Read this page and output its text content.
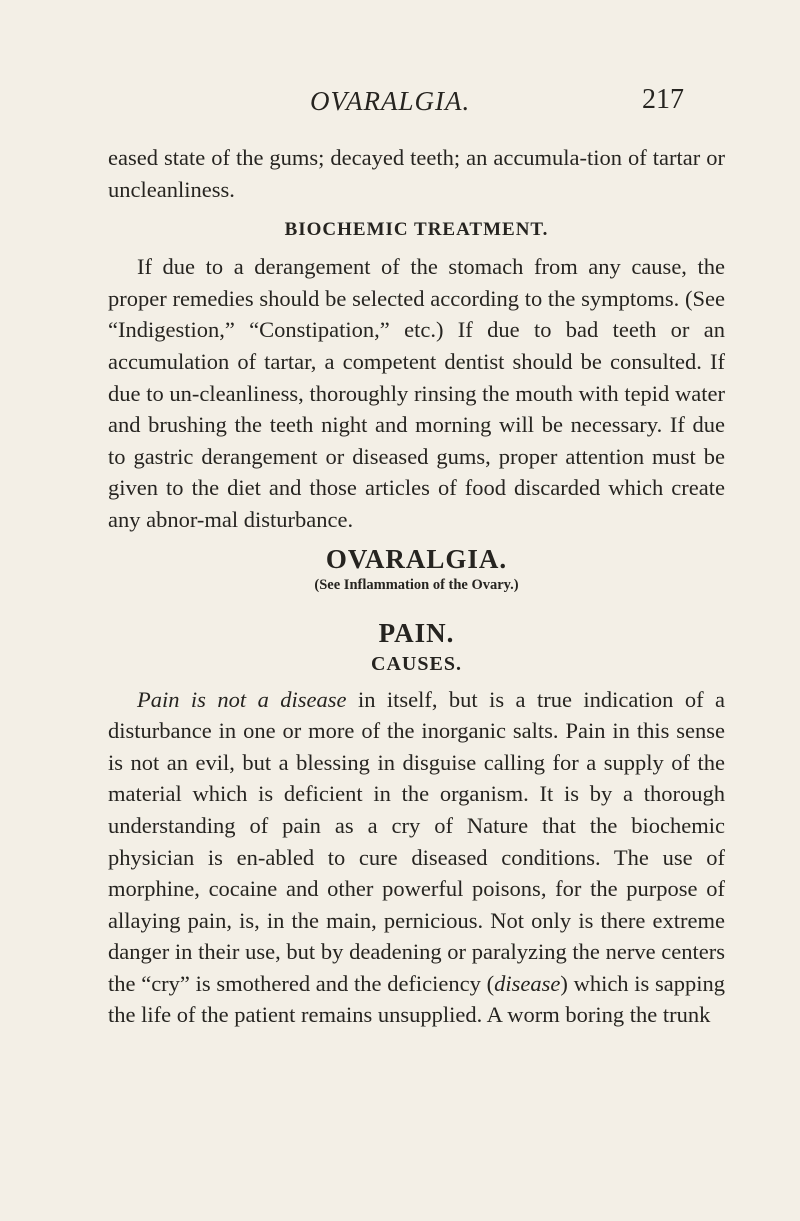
OVARALGIA.	217

eased state of the gums; decayed teeth; an accumula-tion of tartar or uncleanliness.

BIOCHEMIC TREATMENT.

If due to a derangement of the stomach from any cause, the proper remedies should be selected according to the symptoms. (See “Indigestion,” “Constipation,” etc.) If due to bad teeth or an accumulation of tartar, a competent dentist should be consulted. If due to un-cleanliness, thoroughly rinsing the mouth with tepid water and brushing the teeth night and morning will be necessary. If due to gastric derangement or diseased gums, proper attention must be given to the diet and those articles of food discarded which create any abnor-mal disturbance.

OVARALGIA.

(See Inflammation of the Ovary.)

PAIN.
CAUSES.

Pain is not a disease in itself, but is a true indication of a disturbance in one or more of the inorganic salts. Pain in this sense is not an evil, but a blessing in disguise calling for a supply of the material which is deficient in the organism. It is by a thorough understanding of pain as a cry of Nature that the biochemic physician is en-abled to cure diseased conditions. The use of morphine, cocaine and other powerful poisons, for the purpose of allaying pain, is, in the main, pernicious. Not only is there extreme danger in their use, but by deadening or paralyzing the nerve centers the “cry” is smothered and the deficiency (disease) which is sapping the life of the patient remains unsupplied. A worm boring the trunk
